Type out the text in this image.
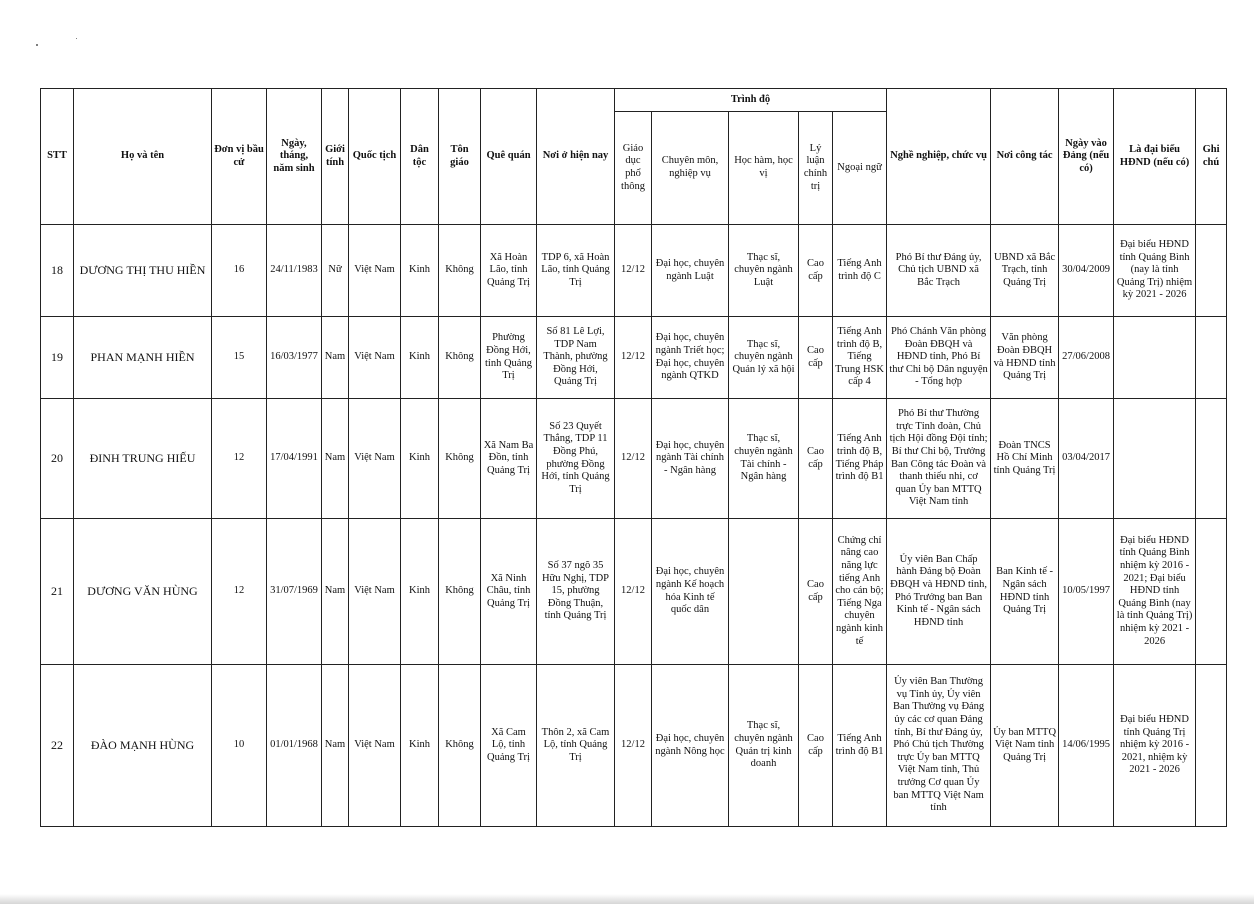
STT	Họ và tên	Đơn vị bầu cử	Ngày, tháng, năm sinh	Giới tính	Quốc tịch	Dân tộc	Tôn giáo	Quê quán	Nơi ở hiện nay	Trình độ					Nghề nghiệp, chức vụ	Nơi công tác	Ngày vào Đảng (nếu có)	Là đại biểu HĐND (nếu có)	Ghi chú
										Giáo dục phổ thông	Chuyên môn, nghiệp vụ	Học hàm, học vị	Lý luận chính trị	Ngoại ngữ					
18	DƯƠNG THỊ THU HIỀN	16	24/11/1983	Nữ	Việt Nam	Kinh	Không	Xã Hoàn Lão, tỉnh Quảng Trị	TDP 6, xã Hoàn Lão, tỉnh Quảng Trị	12/12	Đại học, chuyên ngành Luật	Thạc sĩ, chuyên ngành Luật	Cao cấp	Tiếng Anh trình độ C	Phó Bí thư Đảng ủy, Chủ tịch UBND xã Bắc Trạch	UBND xã Bắc Trạch, tỉnh Quảng Trị	30/04/2009	Đại biểu HĐND tỉnh Quảng Bình (nay là tỉnh Quảng Trị) nhiệm kỳ 2021 - 2026	
19	PHAN MẠNH HIỀN	15	16/03/1977	Nam	Việt Nam	Kinh	Không	Phường Đồng Hới, tỉnh Quảng Trị	Số 81 Lê Lợi, TDP Nam Thành, phường Đồng Hới, Quảng Trị	12/12	Đại học, chuyên ngành Triết học; Đại học, chuyên ngành QTKD	Thạc sĩ, chuyên ngành Quản lý xã hội	Cao cấp	Tiếng Anh trình độ B, Tiếng Trung HSK cấp 4	Phó Chánh Văn phòng Đoàn ĐBQH và HĐND tỉnh, Phó Bí thư Chi bộ Dân nguyện - Tổng hợp	Văn phòng Đoàn ĐBQH và HĐND tỉnh Quảng Trị	27/06/2008		
20	ĐINH TRUNG HIẾU	12	17/04/1991	Nam	Việt Nam	Kinh	Không	Xã Nam Ba Đồn, tỉnh Quảng Trị	Số 23 Quyết Thắng, TDP 11 Đồng Phú, phường Đồng Hới, tỉnh Quảng Trị	12/12	Đại học, chuyên ngành Tài chính - Ngân hàng	Thạc sĩ, chuyên ngành Tài chính - Ngân hàng	Cao cấp	Tiếng Anh trình độ B, Tiếng Pháp trình độ B1	Phó Bí thư Thường trực Tỉnh đoàn, Chủ tịch Hội đồng Đội tỉnh; Bí thư Chi bộ, Trưởng Ban Công tác Đoàn và thanh thiếu nhi, cơ quan Ủy ban MTTQ Việt Nam tỉnh	Đoàn TNCS Hồ Chí Minh tỉnh Quảng Trị	03/04/2017		
21	DƯƠNG VĂN HÙNG	12	31/07/1969	Nam	Việt Nam	Kinh	Không	Xã Ninh Châu, tỉnh Quảng Trị	Số 37 ngõ 35 Hữu Nghị, TDP 15, phường Đồng Thuận, tỉnh Quảng Trị	12/12	Đại học, chuyên ngành Kế hoạch hóa Kinh tế quốc dân		Cao cấp	Chứng chỉ nâng cao năng lực tiếng Anh cho cán bộ; Tiếng Nga chuyên ngành kinh tế	Ủy viên Ban Chấp hành Đảng bộ Đoàn ĐBQH và HĐND tỉnh, Phó Trưởng ban Ban Kinh tế - Ngân sách HĐND tỉnh	Ban Kinh tế - Ngân sách HĐND tỉnh Quảng Trị	10/05/1997	Đại biểu HĐND tỉnh Quảng Bình nhiệm kỳ 2016 - 2021; Đại biểu HĐND tỉnh Quảng Bình (nay là tỉnh Quảng Trị) nhiệm kỳ 2021 - 2026	
22	ĐÀO MẠNH HÙNG	10	01/01/1968	Nam	Việt Nam	Kinh	Không	Xã Cam Lộ, tỉnh Quảng Trị	Thôn 2, xã Cam Lộ, tỉnh Quảng Trị	12/12	Đại học, chuyên ngành Nông học	Thạc sĩ, chuyên ngành Quản trị kinh doanh	Cao cấp	Tiếng Anh trình độ B1	Ủy viên Ban Thường vụ Tỉnh ủy, Ủy viên Ban Thường vụ Đảng ủy các cơ quan Đảng tỉnh, Bí thư Đảng ủy, Phó Chủ tịch Thường trực Ủy ban MTTQ Việt Nam tỉnh, Thủ trưởng Cơ quan Ủy ban MTTQ Việt Nam tỉnh	Ủy ban MTTQ Việt Nam tỉnh Quảng Trị	14/06/1995	Đại biểu HĐND tỉnh Quảng Trị nhiệm kỳ 2016 - 2021, nhiệm kỳ 2021 - 2026	
